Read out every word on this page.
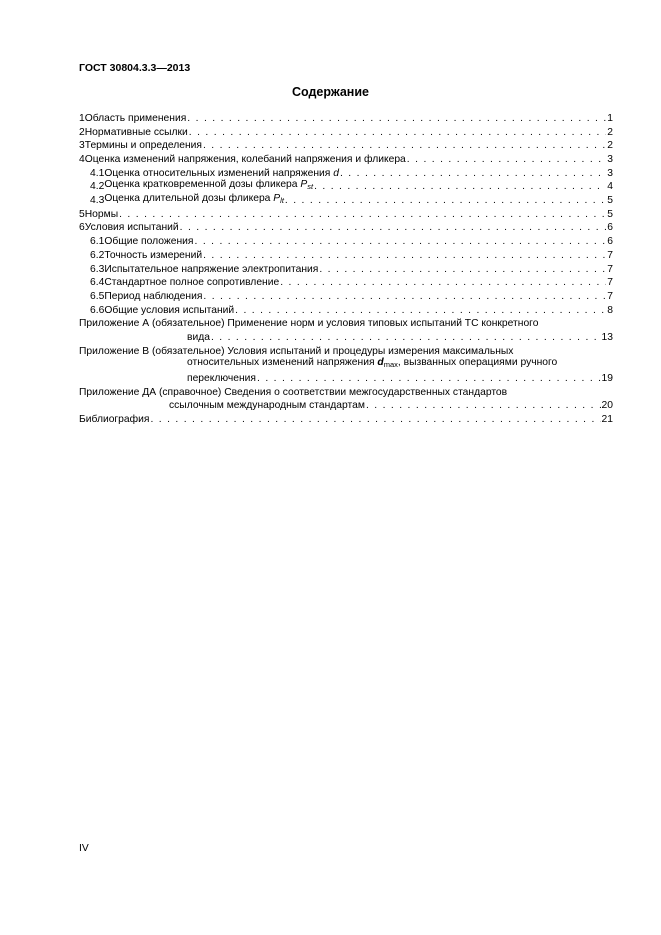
ГОСТ 30804.3.3—2013
Содержание
1 Область применения . . .	1
2 Нормативные ссылки . . .	2
3 Термины и определения . . .	2
4 Оценка изменений напряжения, колебаний напряжения и фликера . . .	3
4.1 Оценка относительных изменений напряжения d . . .	3
4.2 Оценка кратковременной дозы фликера $P_{st}$ . . .	4
4.3 Оценка длительной дозы фликера $P_{lt}$ . . .	5
5 Нормы . . .	5
6 Условия испытаний . . .	6
6.1 Общие положения . . .	6
6.2 Точность измерений . . .	7
6.3 Испытательное напряжение электропитания . . .	7
6.4 Стандартное полное сопротивление . . .	7
6.5 Период наблюдения . . .	7
6.6 Общие условия испытаний . . .	8
Приложение А (обязательное) Применение норм и условия типовых испытаний ТС конкретного
вида . . .	13
Приложение В (обязательное) Условия испытаний и процедуры измерения максимальных
относительных изменений напряжения $d_{max}$, вызванных операциями ручного
переключения . . .	19
Приложение ДА (справочное) Сведения о соответствии межгосударственных стандартов
ссылочным международным стандартам . . .	20
Библиография . . .	21
IV
